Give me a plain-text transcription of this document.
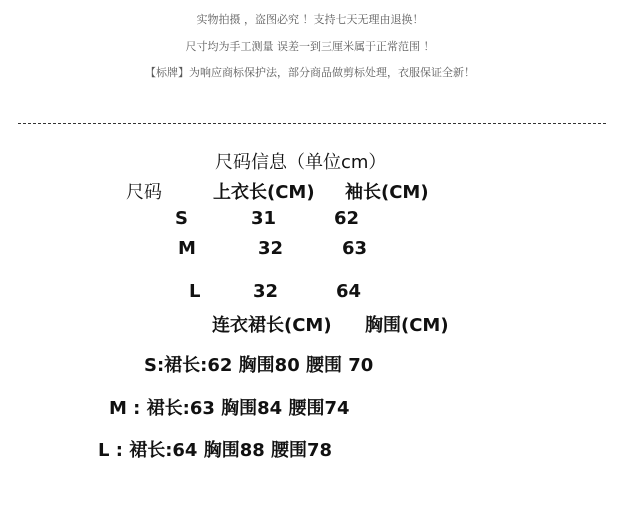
实物拍摄 ，盗图必究 ！支持七天无理由退换！
尺寸均为手工测量 误差一到三厘米属于正常范围 ！
【标牌】为响应商标保护法，部分商品做剪标处理，衣服保证全新！
尺码信息（单位cm）
尺码	上衣长(CM) 袖长(CM)
S	31	62
M	32	63
L	32	64
连衣裙长(CM) 胸围(CM)
S:裙长:62 胸围80 腰围 70
M : 裙长:63 胸围84 腰围74
L : 裙长:64 胸围88 腰围78
